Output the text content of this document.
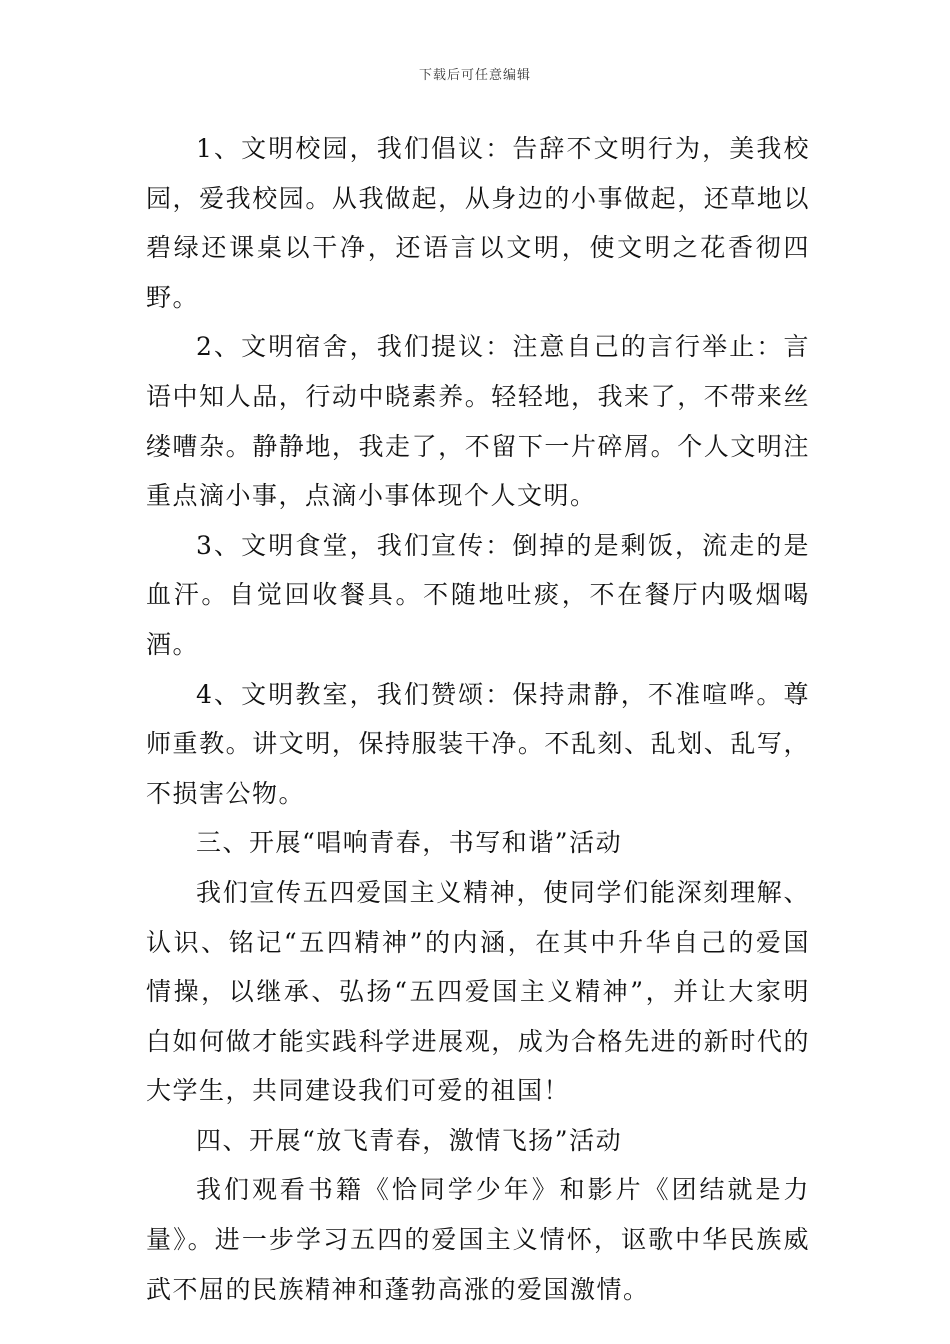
下载后可任意编辑

1、文明校园，我们倡议：告辞不文明行为，美我校园，爱我校园。从我做起，从身边的小事做起，还草地以碧绿还课桌以干净，还语言以文明，使文明之花香彻四野。

2、文明宿舍，我们提议：注意自己的言行举止：言语中知人品，行动中晓素养。轻轻地，我来了，不带来丝缕嘈杂。静静地，我走了，不留下一片碎屑。个人文明注重点滴小事，点滴小事体现个人文明。

3、文明食堂，我们宣传：倒掉的是剩饭，流走的是血汗。自觉回收餐具。不随地吐痰，不在餐厅内吸烟喝酒。

4、文明教室，我们赞颂：保持肃静，不准喧哗。尊师重教。讲文明，保持服装干净。不乱刻、乱划、乱写，不损害公物。

三、开展“唱响青春，书写和谐”活动

我们宣传五四爱国主义精神，使同学们能深刻理解、认识、铭记“五四精神”的内涵，在其中升华自己的爱国情操，以继承、弘扬“五四爱国主义精神”，并让大家明白如何做才能实践科学进展观，成为合格先进的新时代的大学生，共同建设我们可爱的祖国！

四、开展“放飞青春，激情飞扬”活动

我们观看书籍《恰同学少年》和影片《团结就是力量》。进一步学习五四的爱国主义情怀，讴歌中华民族威武不屈的民族精神和蓬勃高涨的爱国激情。
